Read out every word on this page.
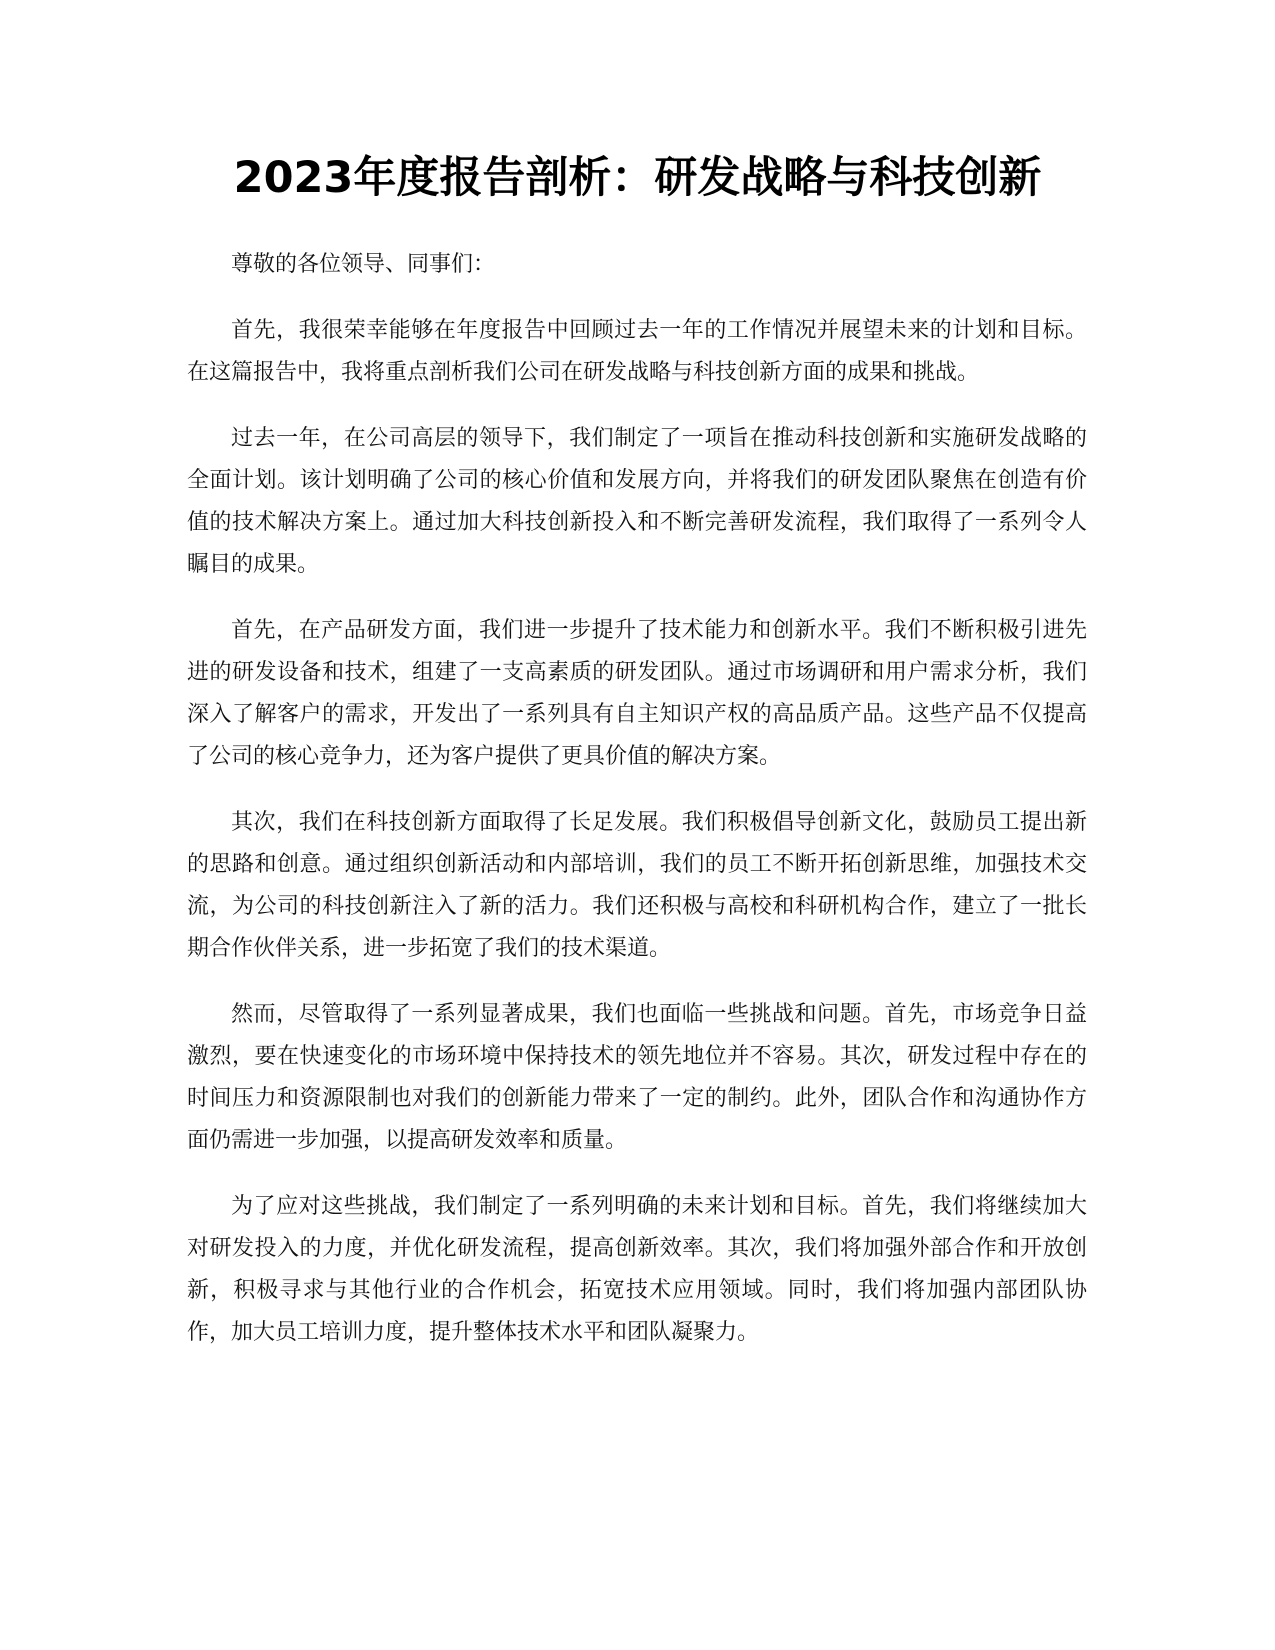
2023年度报告剖析：研发战略与科技创新

尊敬的各位领导、同事们：

首先，我很荣幸能够在年度报告中回顾过去一年的工作情况并展望未来的计划和目标。在这篇报告中，我将重点剖析我们公司在研发战略与科技创新方面的成果和挑战。

过去一年，在公司高层的领导下，我们制定了一项旨在推动科技创新和实施研发战略的全面计划。该计划明确了公司的核心价值和发展方向，并将我们的研发团队聚焦在创造有价值的技术解决方案上。通过加大科技创新投入和不断完善研发流程，我们取得了一系列令人瞩目的成果。

首先，在产品研发方面，我们进一步提升了技术能力和创新水平。我们不断积极引进先进的研发设备和技术，组建了一支高素质的研发团队。通过市场调研和用户需求分析，我们深入了解客户的需求，开发出了一系列具有自主知识产权的高品质产品。这些产品不仅提高了公司的核心竞争力，还为客户提供了更具价值的解决方案。

其次，我们在科技创新方面取得了长足发展。我们积极倡导创新文化，鼓励员工提出新的思路和创意。通过组织创新活动和内部培训，我们的员工不断开拓创新思维，加强技术交流，为公司的科技创新注入了新的活力。我们还积极与高校和科研机构合作，建立了一批长期合作伙伴关系，进一步拓宽了我们的技术渠道。

然而，尽管取得了一系列显著成果，我们也面临一些挑战和问题。首先，市场竞争日益激烈，要在快速变化的市场环境中保持技术的领先地位并不容易。其次，研发过程中存在的时间压力和资源限制也对我们的创新能力带来了一定的制约。此外，团队合作和沟通协作方面仍需进一步加强，以提高研发效率和质量。

为了应对这些挑战，我们制定了一系列明确的未来计划和目标。首先，我们将继续加大对研发投入的力度，并优化研发流程，提高创新效率。其次，我们将加强外部合作和开放创新，积极寻求与其他行业的合作机会，拓宽技术应用领域。同时，我们将加强内部团队协作，加大员工培训力度，提升整体技术水平和团队凝聚力。
